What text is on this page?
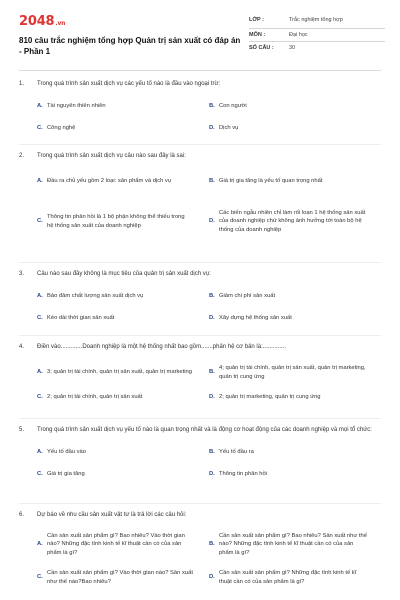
2048.vn
810 câu trắc nghiệm tổng hợp Quản trị sản xuất có đáp án - Phần 1
LỚP :	Trắc nghiệm tổng hợp
MÔN :	Đại học
SỐ CÂU :	30
1. Trong quá trình sản xuất dịch vụ các yếu tố nào là đầu vào ngoại trừ:
A. Tài nguyên thiên nhiên	B. Con người
C. Công nghệ	D. Dịch vụ
2. Trong quá trình sản xuất dịch vụ câu nào sau đây là sai:
A. Đầu ra chủ yếu gồm 2 loại: sản phẩm và dịch vụ	B. Giá trị gia tăng là yếu tố quan trọng nhất
C.
Thông tin phản hồi là 1 bộ phận không thể thiếu trong hệ thống sản xuất của doanh nghiệp
D.
Các biến ngẫu nhiên chỉ làm rối loạn 1 hệ thống sản xuất của doanh nghiệp chứ không ảnh hưởng tới toàn bộ hệ thống của doanh nghiệp
3. Câu nào sau đây không là mục tiêu của quản trị sản xuất dịch vụ:
A. Bảo đảm chất lượng sản xuất dịch vụ	B. Giảm chi phí sản xuất
C. Kéo dài thời gian sản xuất	D. Xây dựng hệ thống sản xuất
4. Điền vào.............Doanh nghiệp là một hệ thống nhất bao gồm.......phân hệ cơ bản là:..............
A. 3; quản trị tài chính, quản trị sản xuất, quản trị marketing	B.
4; quản trị tài chính, quản trị sản xuất, quản trị marketing, quản trị cung ứng
C. 2; quản trị tài chính, quản trị sản xuất	D. 2; quản trị marketing, quản trị cung ứng
5. Trong quá trình sản xuất dịch vụ yếu tố nào là quan trọng nhất và là động cơ hoạt động của các doanh nghiệp và mọi tổ chức:
A. Yếu tố đầu vào	B. Yếu tố đầu ra
C. Giá trị gia tăng	D. Thông tin phản hồi
6. Dự báo về nhu cầu sản xuất vật tư là trả lời các câu hỏi:
A.
Cần sản xuất sản phẩm gì? Bao nhiêu? Vào thời gian nào? Những đặc tính kinh tế kĩ thuật cần có của sản phẩm là gì?
B.
Cần sản xuất sản phẩm gì? Bao nhiêu? Sản xuất như thế nào? Những đặc tính kinh tế kĩ thuật cần có của sản phẩm là gì?
C.
Cần sản xuất sản phẩm gì? Vào thời gian nào? Sản xuất như thế nào?Bao nhiêu?
D.
Cần sản xuất sản phẩm gì? Những đặc tính kinh tế kĩ thuật cần có của sản phẩm là gì?
